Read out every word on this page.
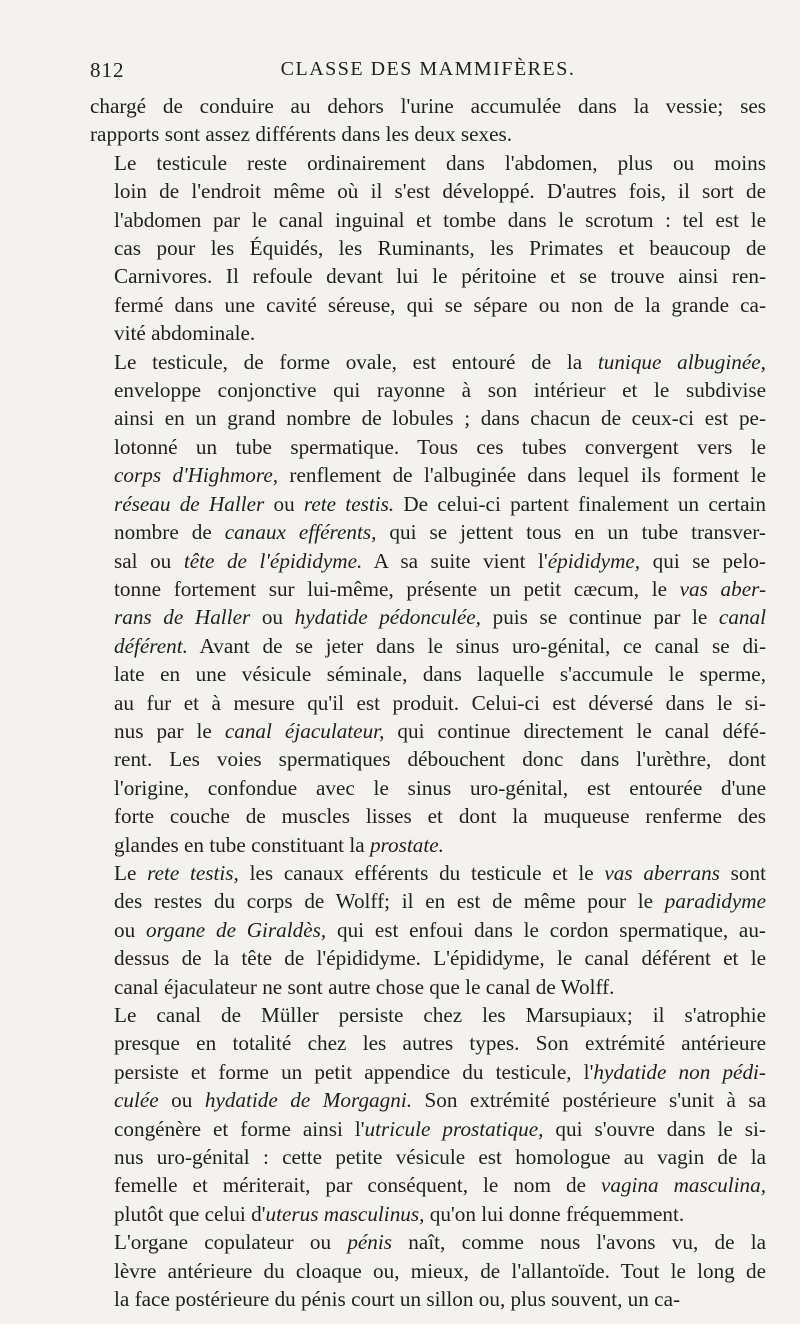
812	CLASSE DES MAMMIFÈRES.

chargé de conduire au dehors l'urine accumulée dans la vessie; ses
rapports sont assez différents dans les deux sexes.

Le testicule reste ordinairement dans l'abdomen, plus ou moins
loin de l'endroit même où il s'est développé. D'autres fois, il sort de
l'abdomen par le canal inguinal et tombe dans le scrotum : tel est le
cas pour les Équidés, les Ruminants, les Primates et beaucoup de
Carnivores. Il refoule devant lui le péritoine et se trouve ainsi ren-
fermé dans une cavité séreuse, qui se sépare ou non de la grande ca-
vité abdominale.

Le testicule, de forme ovale, est entouré de la tunique albuginée,
enveloppe conjonctive qui rayonne à son intérieur et le subdivise
ainsi en un grand nombre de lobules ; dans chacun de ceux-ci est pe-
lotonné un tube spermatique. Tous ces tubes convergent vers le
corps d'Highmore, renflement de l'albuginée dans lequel ils forment le
réseau de Haller ou rete testis. De celui-ci partent finalement un certain
nombre de canaux efférents, qui se jettent tous en un tube transver-
sal ou tête de l'épididyme. A sa suite vient l'épididyme, qui se pelo-
tonne fortement sur lui-même, présente un petit cæcum, le vas aber-
rans de Haller ou hydatide pédonculée, puis se continue par le canal
déférent. Avant de se jeter dans le sinus uro-génital, ce canal se di-
late en une vésicule séminale, dans laquelle s'accumule le sperme,
au fur et à mesure qu'il est produit. Celui-ci est déversé dans le si-
nus par le canal éjaculateur, qui continue directement le canal défé-
rent. Les voies spermatiques débouchent donc dans l'urèthre, dont
l'origine, confondue avec le sinus uro-génital, est entourée d'une
forte couche de muscles lisses et dont la muqueuse renferme des
glandes en tube constituant la prostate.

Le rete testis, les canaux efférents du testicule et le vas aberrans sont
des restes du corps de Wolff; il en est de même pour le paradidyme
ou organe de Giraldès, qui est enfoui dans le cordon spermatique, au-
dessus de la tête de l'épididyme. L'épididyme, le canal déférent et le
canal éjaculateur ne sont autre chose que le canal de Wolff.

Le canal de Müller persiste chez les Marsupiaux; il s'atrophie
presque en totalité chez les autres types. Son extrémité antérieure
persiste et forme un petit appendice du testicule, l'hydatide non pédi-
culée ou hydatide de Morgagni. Son extrémité postérieure s'unit à sa
congénère et forme ainsi l'utricule prostatique, qui s'ouvre dans le si-
nus uro-génital : cette petite vésicule est homologue au vagin de la
femelle et mériterait, par conséquent, le nom de vagina masculina,
plutôt que celui d'uterus masculinus, qu'on lui donne fréquemment.

L'organe copulateur ou pénis naît, comme nous l'avons vu, de la
lèvre antérieure du cloaque ou, mieux, de l'allantoïde. Tout le long de
la face postérieure du pénis court un sillon ou, plus souvent, un ca-
